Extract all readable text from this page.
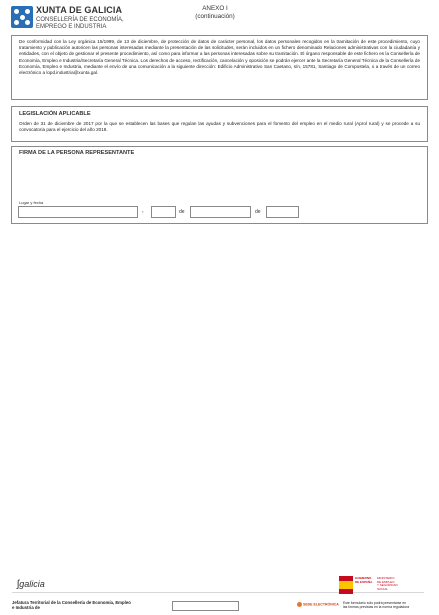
XUNTA DE GALICIA
CONSELLERÍA DE ECONOMÍA,
EMPREGO E INDUSTRIA
ANEXO I
(continuación)
De conformidad con la Ley orgánica 15/1999, de 13 de diciembre, de protección de datos de carácter personal, los datos personales recogidos en la tramitación de este procedimiento, cuyo tratamiento y publicación autoricen las personas interesadas mediante la presentación de las solicitudes, serán incluidos en un fichero denominado Relaciones administrativas con la ciudadanía y entidades, con el objeto de gestionar el presente procedimiento, así como para informar a las personas interesadas sobre su tramitación. El órgano responsable de este fichero es la Consellería de Economía, Empleo e Industria/Secretaría General Técnica. Los derechos de acceso, rectificación, cancelación y oposición se podrán ejercer ante la Secretaría General Técnica de la Consellería de Economía, Empleo e Industria, mediante el envío de una comunicación a la siguiente dirección: Edificio Administrativo San Caetano, s/n, 15781, Santiago de Compostela, o a través de un correo electrónico a lopd.industria@xunta.gal.
LEGISLACIÓN APLICABLE
Orden de 31 de diciembre de 2017 por la que se establecen las bases que regulan las ayudas y subvenciones para el fomento del empleo en el medio rural (Aprol rural) y se procede a su convocatoria para el ejercicio del año 2018.
FIRMA DE LA PERSONA REPRESENTANTE
Lugar y fecha
,	de	de
ʃgalicia
GOBIERNO
DE ESPAÑA
MINISTERIO
DE EMPLEO
Y SEGURIDAD SOCIAL
Jefatura Territorial de la Consellería de Economía, Empleo
e Industria de
SEDE ELECTRÓNICA Este formulario sólo podrá presentarse en
las formas previstas en la norma reguladora
